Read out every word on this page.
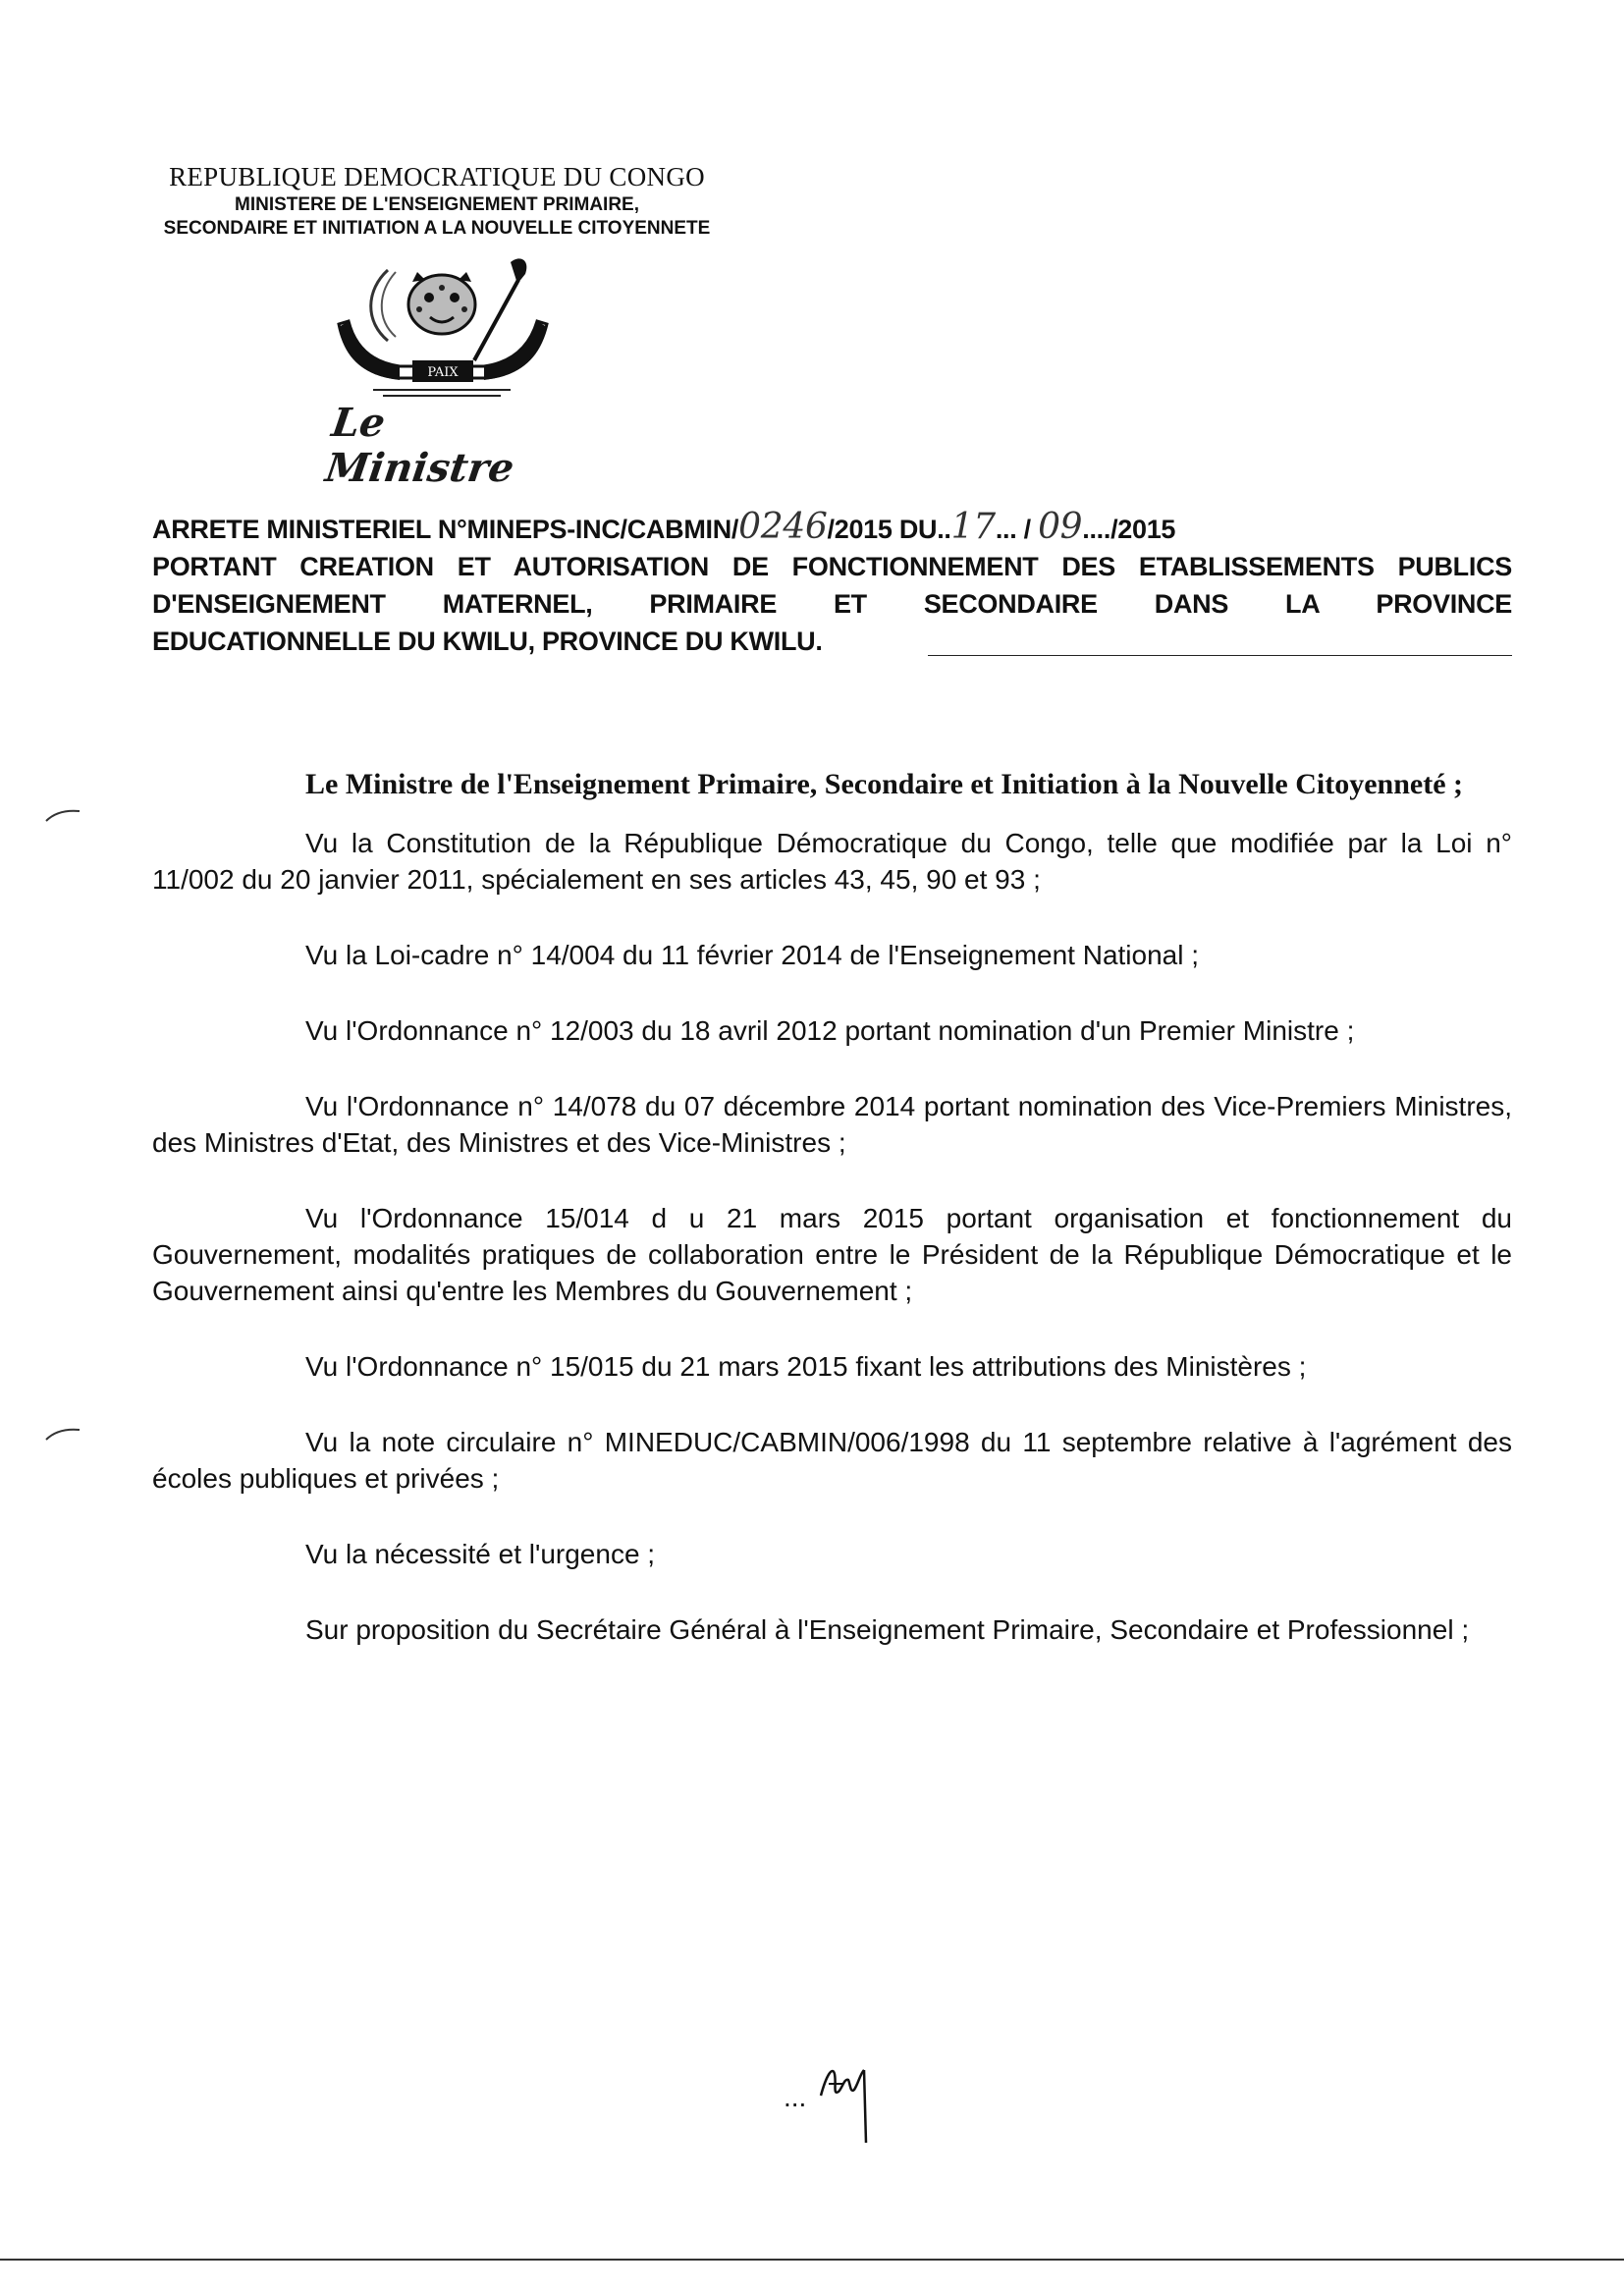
REPUBLIQUE DEMOCRATIQUE DU CONGO
MINISTERE DE L'ENSEIGNEMENT PRIMAIRE,
SECONDAIRE ET INITIATION A LA NOUVELLE CITOYENNETE
PAIX
Le Ministre
ARRETE MINISTERIEL N°MINEPS-INC/CABMIN/0246/2015 DU..17... / 09..../2015
PORTANT CREATION ET AUTORISATION DE FONCTIONNEMENT DES ETABLISSEMENTS PUBLICS
D'ENSEIGNEMENT MATERNEL, PRIMAIRE ET SECONDAIRE DANS LA PROVINCE
EDUCATIONNELLE DU KWILU, PROVINCE DU KWILU.

Le Ministre de l'Enseignement Primaire, Secondaire et Initiation à la Nouvelle Citoyenneté ;

Vu la Constitution de la République Démocratique du Congo, telle que modifiée par la Loi n° 11/002 du 20 janvier 2011, spécialement en ses articles 43, 45, 90 et 93 ;

Vu la Loi-cadre n° 14/004 du 11 février 2014 de l'Enseignement National ;

Vu l'Ordonnance n° 12/003 du 18 avril 2012 portant nomination d'un Premier Ministre ;

Vu l'Ordonnance n° 14/078 du 07 décembre 2014 portant nomination des Vice-Premiers Ministres, des Ministres d'Etat, des Ministres et des Vice-Ministres ;

Vu l'Ordonnance 15/014 d u 21 mars 2015 portant organisation et fonctionnement du Gouvernement, modalités pratiques de collaboration entre le Président de la République Démocratique et le Gouvernement ainsi qu'entre les Membres du Gouvernement ;

Vu l'Ordonnance n° 15/015 du 21 mars 2015 fixant les attributions des Ministères ;

Vu la note circulaire n° MINEDUC/CABMIN/006/1998 du 11 septembre relative à l'agrément des écoles publiques et privées ;

Vu la nécessité et l'urgence ;

Sur proposition du Secrétaire Général à l'Enseignement Primaire, Secondaire et Professionnel ;

...
